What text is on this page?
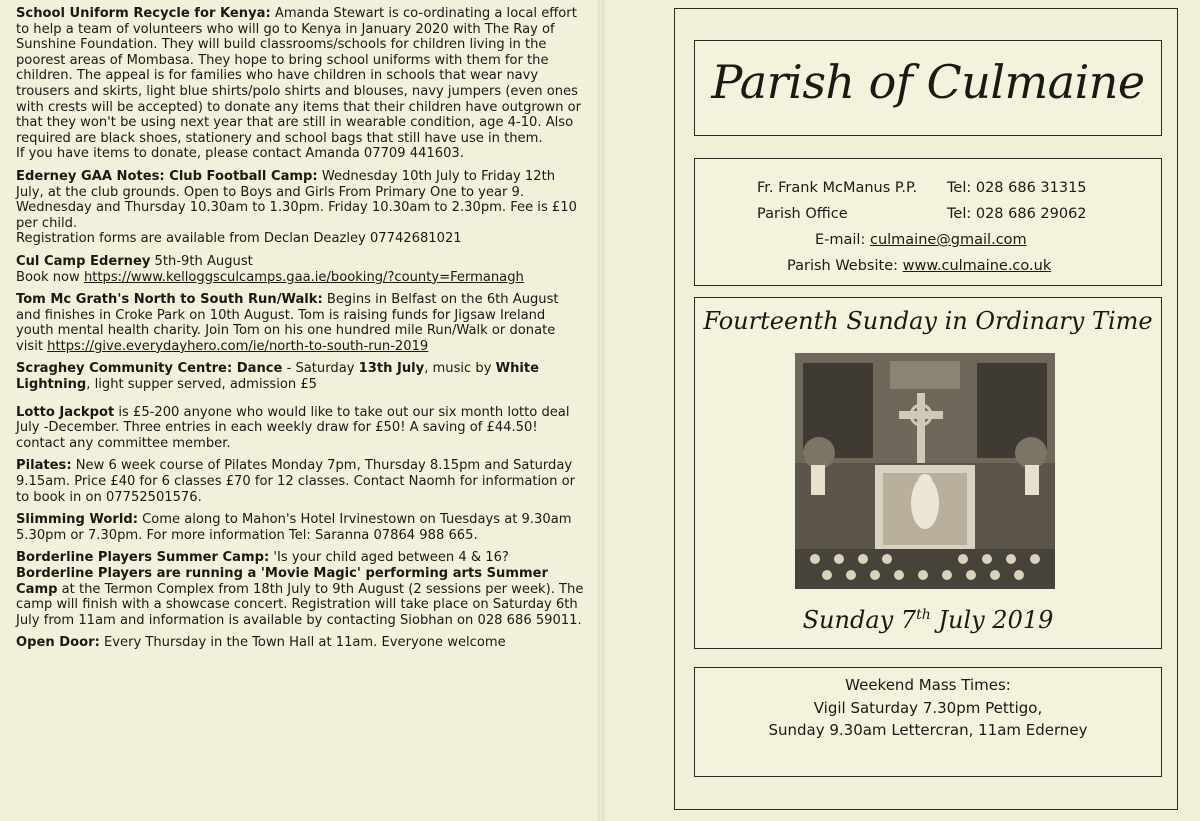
School Uniform Recycle for Kenya: Amanda Stewart is co-ordinating a local effort to help a team of volunteers who will go to Kenya in January 2020 with The Ray of Sunshine Foundation. They will build classrooms/schools for children living in the poorest areas of Mombasa. They hope to bring school uniforms with them for the children. The appeal is for families who have children in schools that wear navy trousers and skirts, light blue shirts/polo shirts and blouses, navy jumpers (even ones with crests will be accepted) to donate any items that their children have outgrown or that they won't be using next year that are still in wearable condition, age 4-10. Also required are black shoes, stationery and school bags that still have use in them.

If you have items to donate, please contact Amanda 07709 441603.

Ederney GAA Notes: Club Football Camp: Wednesday 10th July to Friday 12th July, at the club grounds. Open to Boys and Girls From Primary One to year 9. Wednesday and Thursday 10.30am to 1.30pm. Friday 10.30am to 2.30pm. Fee is £10 per child.

Registration forms are available from Declan Deazley 07742681021

Cul Camp Ederney 5th-9th August

Book now https://www.kelloggsculcamps.gaa.ie/booking/?county=Fermanagh

Tom Mc Grath's North to South Run/Walk: Begins in Belfast on the 6th August and finishes in Croke Park on 10th August. Tom is raising funds for Jigsaw Ireland youth mental health charity. Join Tom on his one hundred mile Run/Walk or donate visit https://give.everydayhero.com/ie/north-to-south-run-2019

Scraghey Community Centre: Dance - Saturday 13th July, music by White Lightning, light supper served, admission £5

Lotto Jackpot is £5-200 anyone who would like to take out our six month lotto deal July -December. Three entries in each weekly draw for £50! A saving of £44.50! contact any committee member.

Pilates: New 6 week course of Pilates Monday 7pm, Thursday 8.15pm and Saturday 9.15am. Price £40 for 6 classes £70 for 12 classes. Contact Naomh for information or to book in on 07752501576.

Slimming World: Come along to Mahon's Hotel Irvinestown on Tuesdays at 9.30am 5.30pm or 7.30pm. For more information Tel: Saranna 07864 988 665.

Borderline Players Summer Camp: 'Is your child aged between 4 & 16?

Borderline Players are running a 'Movie Magic' performing arts Summer Camp at the Termon Complex from 18th July to 9th August (2 sessions per week). The camp will finish with a showcase concert. Registration will take place on Saturday 6th July from 11am and information is available by contacting Siobhan on 028 686 59011.

Open Door: Every Thursday in the Town Hall at 11am. Everyone welcome

Parish of Culmaine
Fr. Frank McManus P.P. Tel: 028 686 31315
Parish Office	Tel: 028 686 29062
E-mail: culmaine@gmail.com
Parish Website: www.culmaine.co.uk
Fourteenth Sunday in Ordinary Time
Sunday 7th July 2019
Weekend Mass Times:
Vigil Saturday 7.30pm Pettigo,
Sunday 9.30am Lettercran, 11am Ederney
